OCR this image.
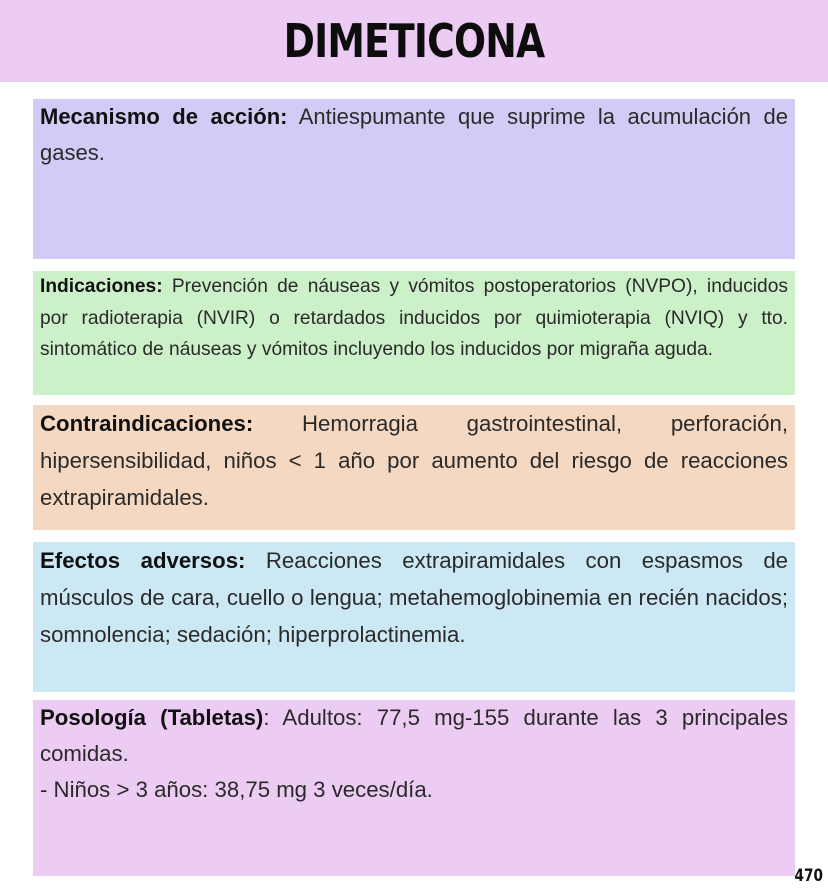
DIMETICONA

Mecanismo de acción: Antiespumante que suprime la acumulación de gases.

Indicaciones: Prevención de náuseas y vómitos postoperatorios (NVPO), inducidos por radioterapia (NVIR) o retardados inducidos por quimioterapia (NVIQ) y tto. sintomático de náuseas y vómitos incluyendo los inducidos por migraña aguda.

Contraindicaciones: Hemorragia gastrointestinal, perforación, hipersensibilidad, niños < 1 año por aumento del riesgo de reacciones extrapiramidales.

Efectos adversos: Reacciones extrapiramidales con espasmos de músculos de cara, cuello o lengua; metahemoglobinemia en recién nacidos; somnolencia; sedación; hiperprolactinemia.

Posología (Tabletas): Adultos: 77,5 mg-155 durante las 3 principales comidas.

- Niños > 3 años: 38,75 mg 3 veces/día.

470
